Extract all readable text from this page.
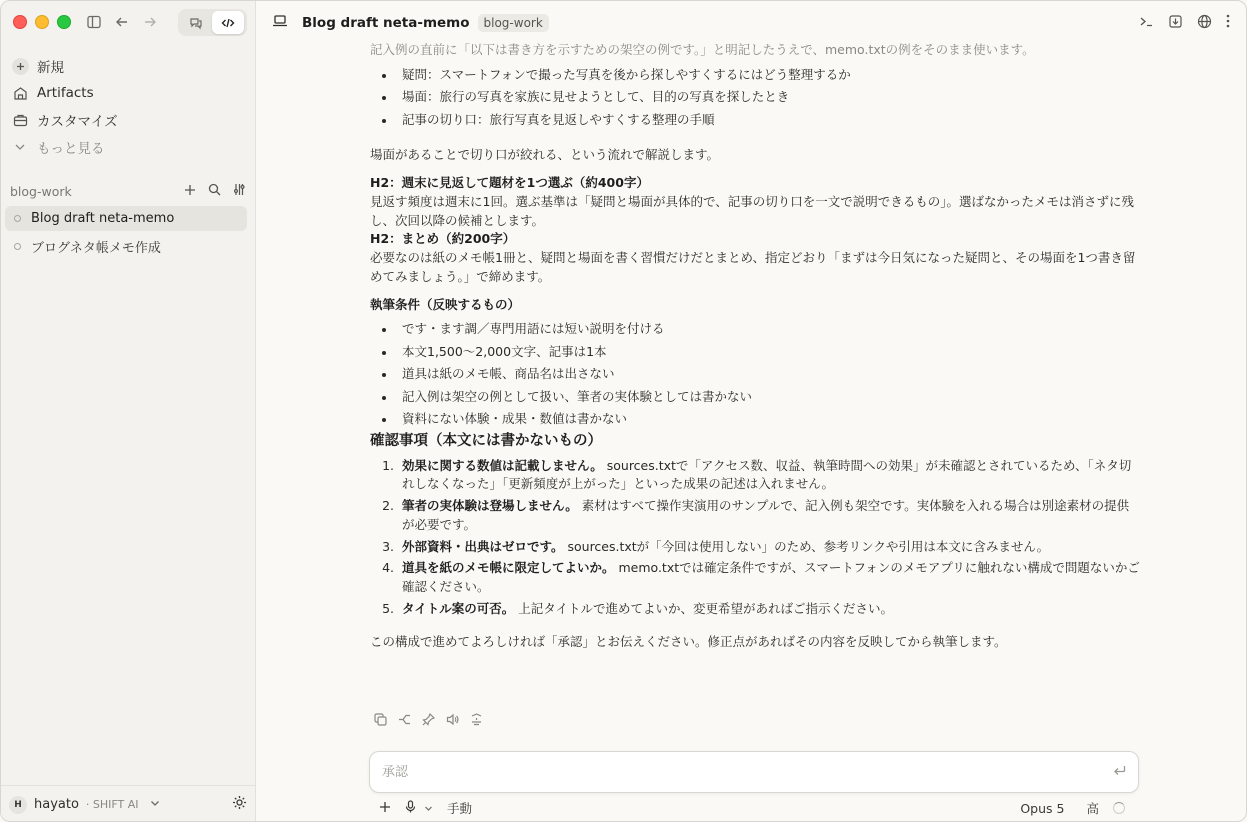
新規
Artifacts
カスタマイズ
もっと見る
blog-work
Blog draft neta-memo
ブログネタ帳メモ作成
H hayato · SHIFT AI
Blog draft neta-memo	blog-work

記入例の直前に「以下は書き方を示すための架空の例です。」と明記したうえで、memo.txtの例をそのまま使います。

疑問：スマートフォンで撮った写真を後から探しやすくするにはどう整理するか
場面：旅行の写真を家族に見せようとして、目的の写真を探したとき
記事の切り口：旅行写真を見返しやすくする整理の手順

場面があることで切り口が絞れる、という流れで解説します。

H2：週末に見返して題材を1つ選ぶ（約400字）

見返す頻度は週末に1回。選ぶ基準は「疑問と場面が具体的で、記事の切り口を一文で説明できるもの」。選ばなかったメモは消さずに残し、次回以降の候補とします。

H2：まとめ（約200字）

必要なのは紙のメモ帳1冊と、疑問と場面を書く習慣だけだとまとめ、指定どおり「まずは今日気になった疑問と、その場面を1つ書き留めてみましょう。」で締めます。

執筆条件（反映するもの）

です・ます調／専門用語には短い説明を付ける
本文1,500〜2,000文字、記事は1本
道具は紙のメモ帳、商品名は出さない
記入例は架空の例として扱い、筆者の実体験としては書かない
資料にない体験・成果・数値は書かない

確認事項（本文には書かないもの）

1. 効果に関する数値は記載しません。 sources.txtで「アクセス数、収益、執筆時間への効果」が未確認とされているため、「ネタ切れしなくなった」「更新頻度が上がった」といった成果の記述は入れません。
2. 筆者の実体験は登場しません。 素材はすべて操作実演用のサンプルで、記入例も架空です。実体験を入れる場合は別途素材の提供が必要です。
3. 外部資料・出典はゼロです。 sources.txtが「今回は使用しない」のため、参考リンクや引用は本文に含みません。
4. 道具を紙のメモ帳に限定してよいか。 memo.txtでは確定条件ですが、スマートフォンのメモアプリに触れない構成で問題ないかご確認ください。
5. タイトル案の可否。 上記タイトルで進めてよいか、変更希望があればご指示ください。

この構成で進めてよろしければ「承認」とお伝えください。修正点があればその内容を反映してから執筆します。

承認
手動	Opus 5 高
